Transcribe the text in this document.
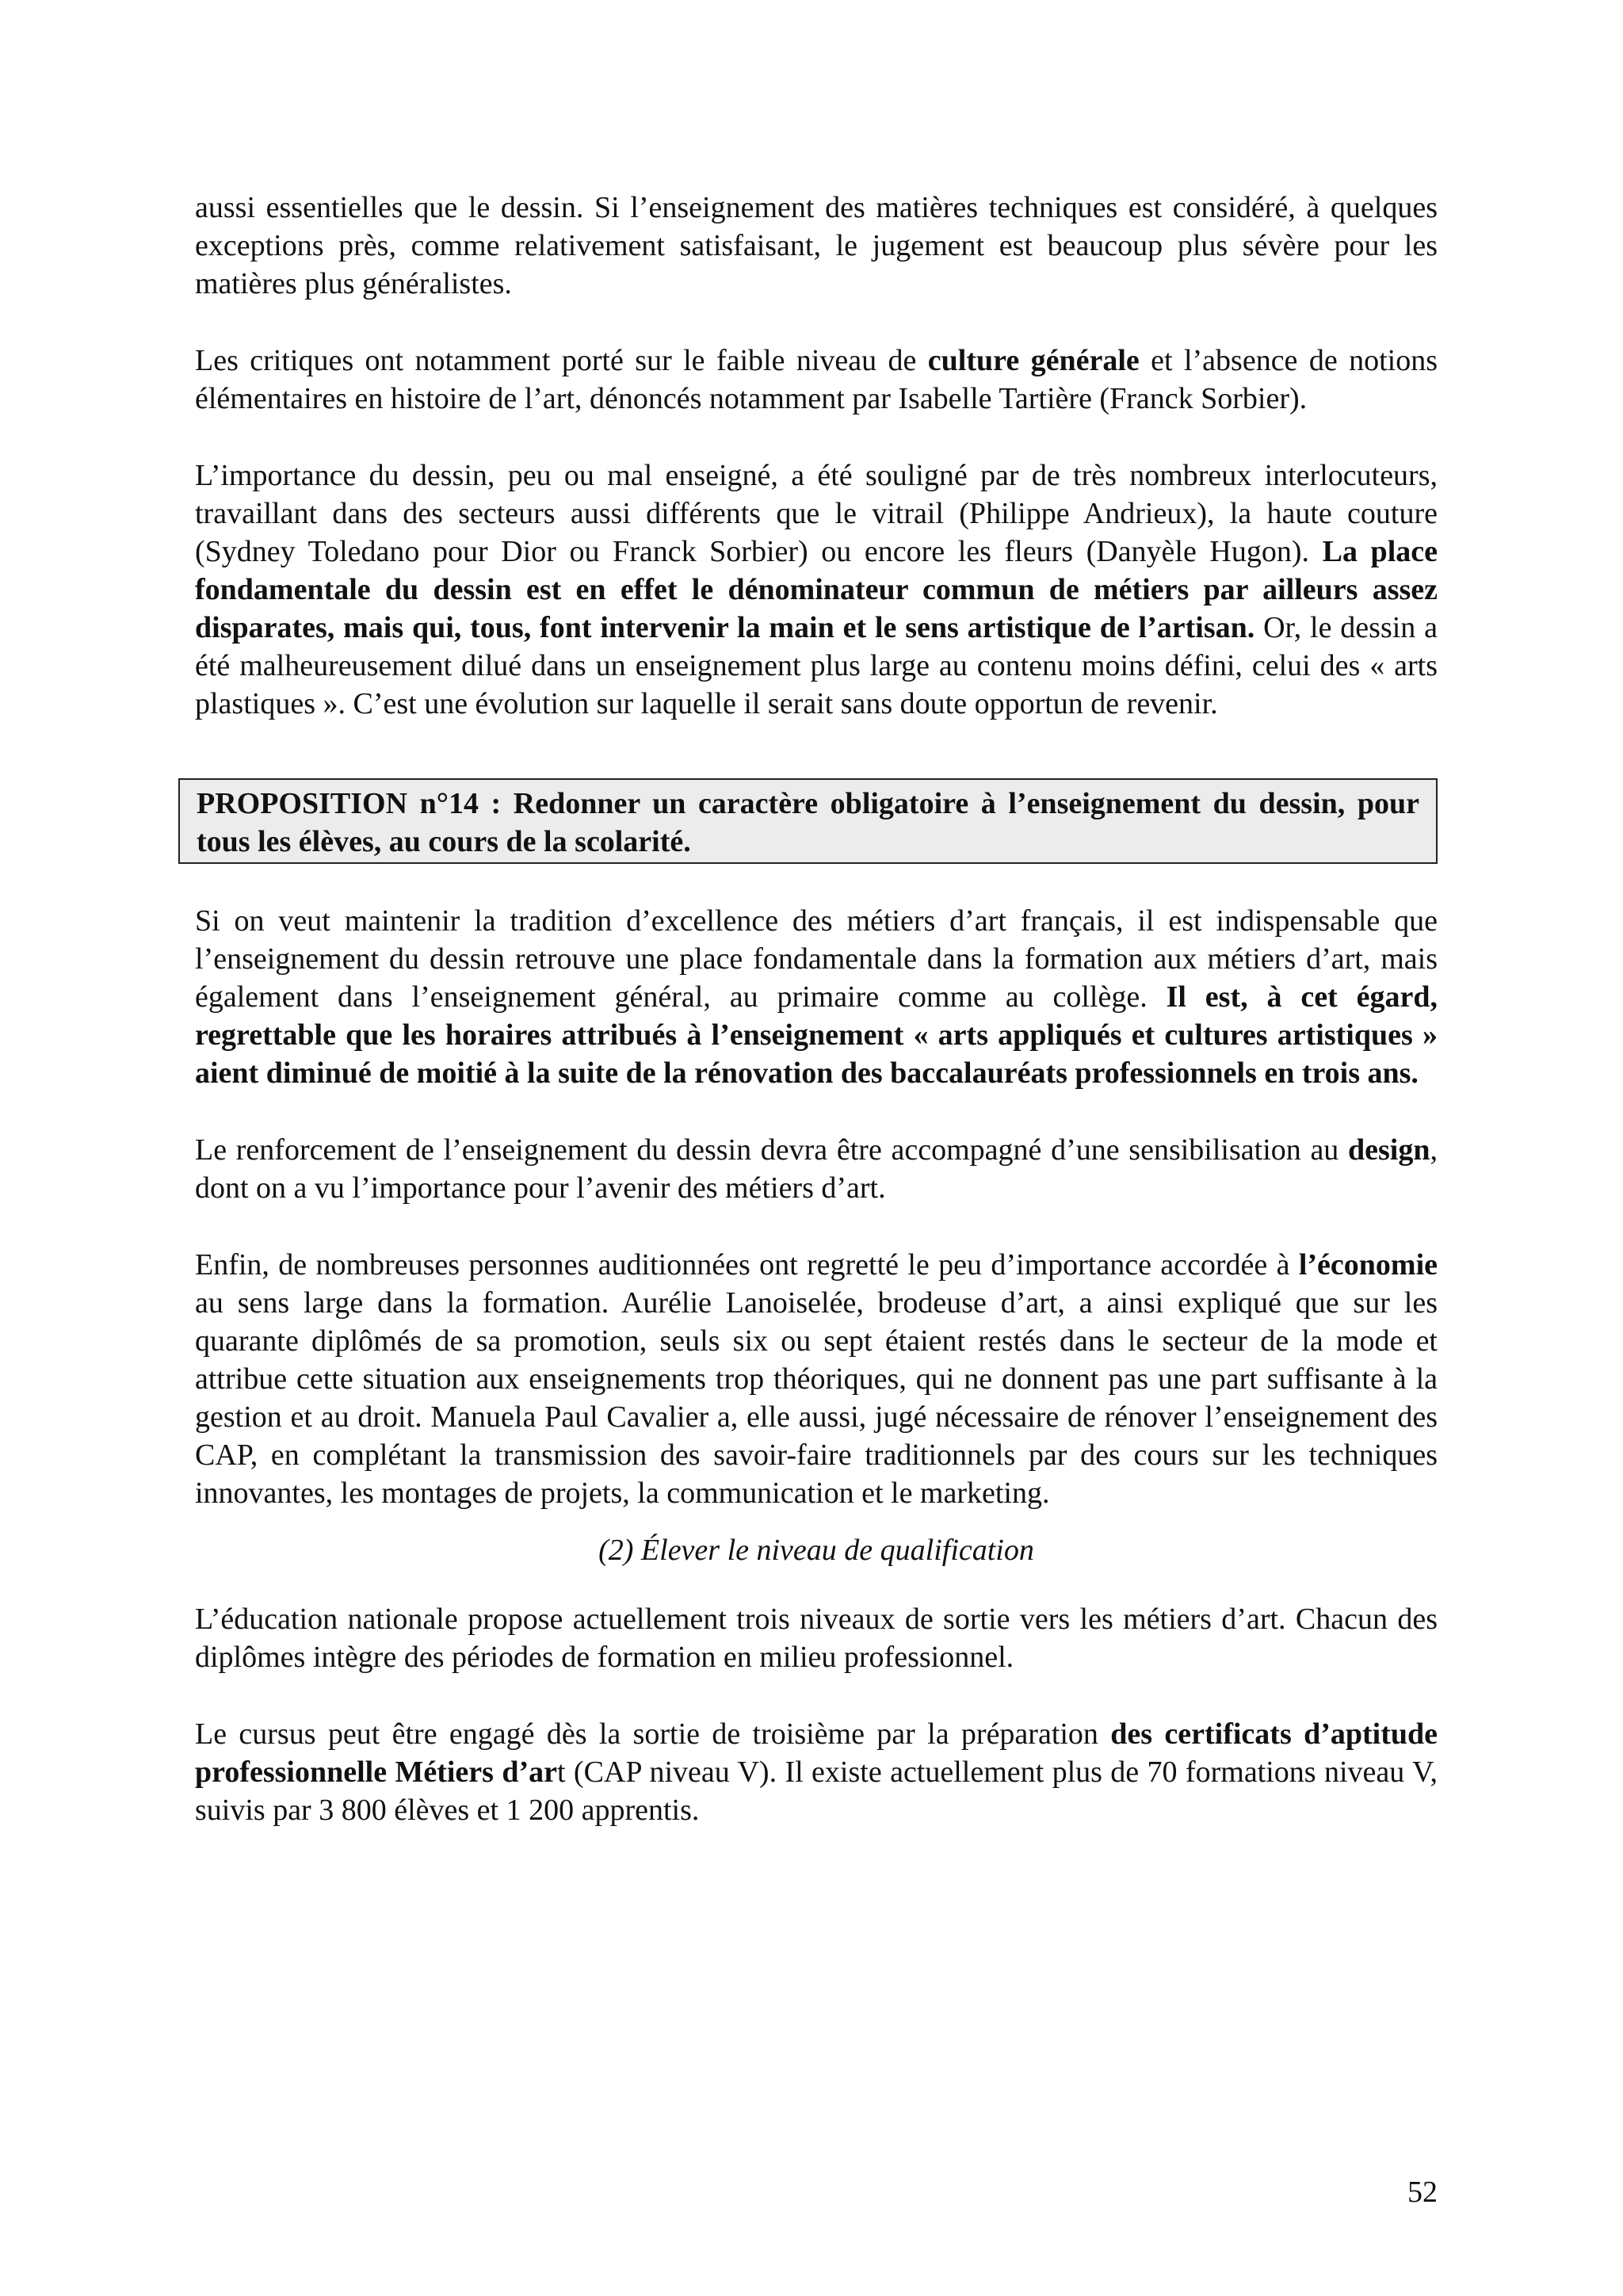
aussi essentielles que le dessin. Si l’enseignement des matières techniques est considéré, à quelques exceptions près, comme relativement satisfaisant, le jugement est beaucoup plus sévère pour les matières plus généralistes.

Les critiques ont notamment porté sur le faible niveau de culture générale et l’absence de notions élémentaires en histoire de l’art, dénoncés notamment par Isabelle Tartière (Franck Sorbier).

L’importance du dessin, peu ou mal enseigné, a été souligné par de très nombreux interlocuteurs, travaillant dans des secteurs aussi différents que le vitrail (Philippe Andrieux), la haute couture (Sydney Toledano pour Dior ou Franck Sorbier) ou encore les fleurs (Danyèle Hugon). La place fondamentale du dessin est en effet le dénominateur commun de métiers par ailleurs assez disparates, mais qui, tous, font intervenir la main et le sens artistique de l’artisan. Or, le dessin a été malheureusement dilué dans un enseignement plus large au contenu moins défini, celui des « arts plastiques ». C’est une évolution sur laquelle il serait sans doute opportun de revenir.

PROPOSITION n°14 : Redonner un caractère obligatoire à l’enseignement du dessin, pour tous les élèves, au cours de la scolarité.

Si on veut maintenir la tradition d’excellence des métiers d’art français, il est indispensable que l’enseignement du dessin retrouve une place fondamentale dans la formation aux métiers d’art, mais également dans l’enseignement général, au primaire comme au collège. Il est, à cet égard, regrettable que les horaires attribués à l’enseignement « arts appliqués et cultures artistiques » aient diminué de moitié à la suite de la rénovation des baccalauréats professionnels en trois ans.

Le renforcement de l’enseignement du dessin devra être accompagné d’une sensibilisation au design, dont on a vu l’importance pour l’avenir des métiers d’art.

Enfin, de nombreuses personnes auditionnées ont regretté le peu d’importance accordée à l’économie au sens large dans la formation. Aurélie Lanoiselée, brodeuse d’art, a ainsi expliqué que sur les quarante diplômés de sa promotion, seuls six ou sept étaient restés dans le secteur de la mode et attribue cette situation aux enseignements trop théoriques, qui ne donnent pas une part suffisante à la gestion et au droit. Manuela Paul Cavalier a, elle aussi, jugé nécessaire de rénover l’enseignement des CAP, en complétant la transmission des savoir-faire traditionnels par des cours sur les techniques innovantes, les montages de projets, la communication et le marketing.

(2) Élever le niveau de qualification

L’éducation nationale propose actuellement trois niveaux de sortie vers les métiers d’art. Chacun des diplômes intègre des périodes de formation en milieu professionnel.

Le cursus peut être engagé dès la sortie de troisième par la préparation des certificats d’aptitude professionnelle Métiers d’art (CAP niveau V). Il existe actuellement plus de 70 formations niveau V, suivis par 3 800 élèves et 1 200 apprentis.

52
